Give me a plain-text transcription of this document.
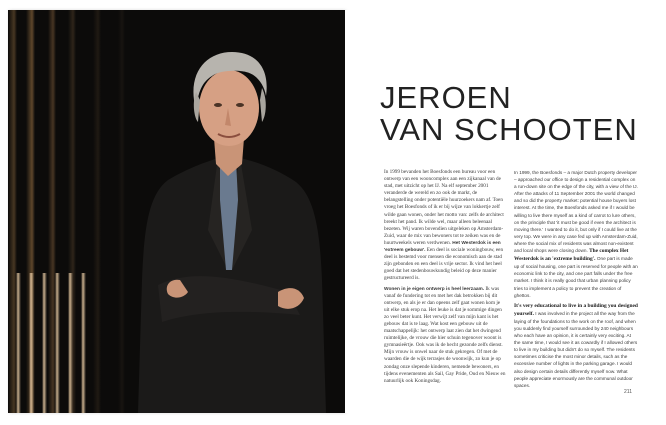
JEROEN
VAN SCHOOTEN

In 1999 bevanden het Boesfonds een bureau voor een ontwerp van een wooncomplex aan een zijkanaal van de stad, met uitzicht op het IJ. Na elf september 2001 veranderde de wereld en zo ook de markt, de belangstelling onder potentiële huurzoekers nam af. Toen vroeg het Boesfonds of ik er bij wijze van lokkertje zelf wilde gaan wonen, onder het motto van: zelfs de architect breekt het pand. Ik wilde wel, maar alleen beleenaal bezeten. Wij waren bovendien uitgeleken op Amsterdam-Zuid, waar de mix van bewoners tot te zeiken was en de huurtweekels weren verdwenen. Het Westerdok is een 'extreem gebouw'. Een deel is sociale woningbouw, een deel is bestemd voor mensen die economisch aan de stad zijn gebonden en een deel is vrije sector. Ik vind het heel goed dat het stedenbouwkundig beleid op deze manier gestructureerd is.

Wonen in je eigen ontwerp is heel leerzaam. Ik was vanaf de fundering tot en met het dak betrokken bij dit ontwerp, en als je er dan opeens zelf gaat wonen kom je uit elke stuk erop na. Het leuke is dat je sommige dingen zo veel beter kunt. Het verwijt zelf van mijn kant is het gebouw dat is te laag. Wat kost een gebouw uit de maatschappelijk: het ontwerp laat zien dat het dwingend ruimtelijke, de vrouw die hier schuin tegenover woont is gymnasieërtje. Ook was ik de hecht gezonde zelfs dienst. Mijn vrouw is onwel naar de stuk gekregen. Of met de waarden die de wijk terrasjes de woonwijk, zo kun je op zondag onze slepende kinderen, nemende bewoners, en tijdens evenementen als Sail, Gay Pride, Oud en Nieuw en natuurlijk ook Koningsdag.

In 1999, the Boesfonds – a major Dutch property developer – approached our office to design a residential complex on a run-down site on the edge of the city, with a view of the IJ. After the attacks of 11 September 2001 the world changed and so did the property market: potential house buyers lost interest. At the time, the Boesfonds asked me if I would be willing to live there myself as a kind of carrot to lure others, on the principle that 'it must be good if even the architect is moving there.' I wanted to do it, but only if I could live at the very top. We were in any case fed up with Amsterdam-Zuid, where the social mix of residents was almost non-existent and local shops were closing down. The complex Het Westerdok is an 'extreme building'. One part is made up of social housing, one part is reserved for people with an economic link to the city, and one part falls under the free market. I think it is really good that urban planning policy tries to implement a policy to prevent the creation of ghettos.

It's very educational to live in a building you designed yourself. I was involved in the project all the way from the laying of the foundations to the work on the roof, and when you suddenly find yourself surrounded by 240 neighbours who each have an opinion, it is certainly very exciting. At the same time, I would see it as cowardly if I allowed others to live in my building but didn't do so myself. The residents sometimes criticise the most minor details, such as the excessive number of lights in the parking garage. I would also design certain details differently myself now. What people appreciate enormously are the communal outdoor spaces.

211
